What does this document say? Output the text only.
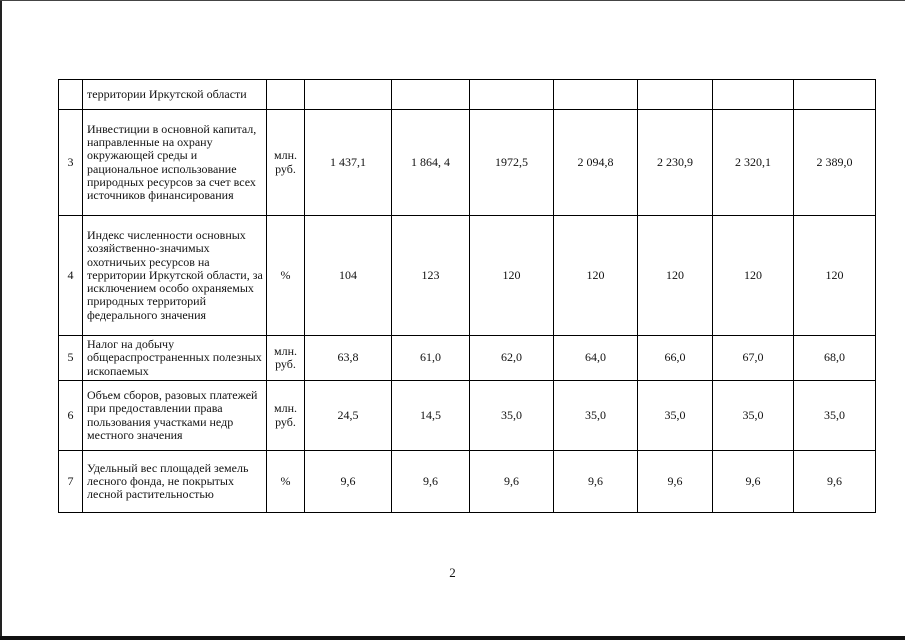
	территории Иркутской области								
3	Инвестиции в основной капитал, направленные на охрану окружающей среды и рациональное использование природных ресурсов за счет всех источников финансирования	млн. руб.	1 437,1	1 864, 4	1972,5	2 094,8	2 230,9	2 320,1	2 389,0
4	Индекс численности основных хозяйственно-значимых охотничьих ресурсов на территории Иркутской области, за исключением особо охраняемых природных территорий федерального значения	%	104	123	120	120	120	120	120
5	Налог на добычу общераспространенных полезных ископаемых	млн. руб.	63,8	61,0	62,0	64,0	66,0	67,0	68,0
6	Объем сборов, разовых платежей при предоставлении права пользования участками недр местного значения	млн. руб.	24,5	14,5	35,0	35,0	35,0	35,0	35,0
7	Удельный вес площадей земель лесного фонда, не покрытых лесной растительностью	%	9,6	9,6	9,6	9,6	9,6	9,6	9,6
2
